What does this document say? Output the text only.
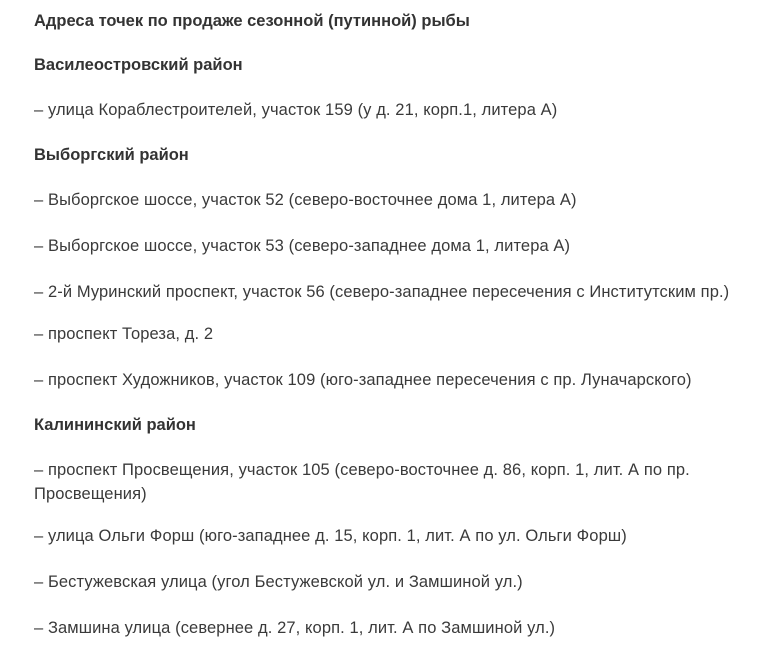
Адреса точек по продаже сезонной (путинной) рыбы

Василеостровский район

– улица Кораблестроителей, участок 159 (у д. 21, корп.1, литера А)

Выборгский район

– Выборгское шоссе, участок 52 (северо-восточнее дома 1, литера А)

– Выборгское шоссе, участок 53 (северо-западнее дома 1, литера А)

– 2-й Муринский проспект, участок 56 (северо-западнее пересечения с Институтским пр.)

– проспект Тореза, д. 2

– проспект Художников, участок 109 (юго-западнее пересечения с пр. Луначарского)

Калининский район

– проспект Просвещения, участок 105 (северо-восточнее д. 86, корп. 1, лит. А по пр. Просвещения)

– улица Ольги Форш (юго-западнее д. 15, корп. 1, лит. А по ул. Ольги Форш)

– Бестужевская улица (угол Бестужевской ул. и Замшиной ул.)

– Замшина улица (севернее д. 27, корп. 1, лит. А по Замшиной ул.)
